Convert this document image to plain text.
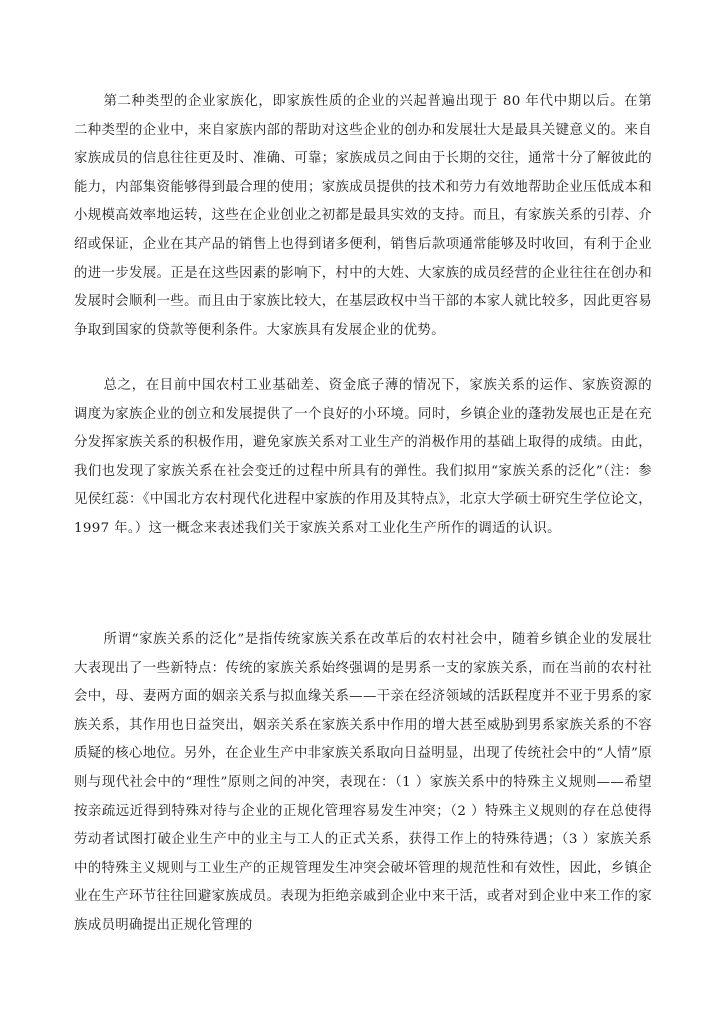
第二种类型的企业家族化，即家族性质的企业的兴起普遍出现于 80 年代中期以后。在第二种类型的企业中，来自家族内部的帮助对这些企业的创办和发展壮大是最具关键意义的。来自家族成员的信息往往更及时、准确、可靠；家族成员之间由于长期的交往，通常十分了解彼此的能力，内部集资能够得到最合理的使用；家族成员提供的技术和劳力有效地帮助企业压低成本和小规模高效率地运转，这些在企业创业之初都是最具实效的支持。而且，有家族关系的引荐、介绍或保证，企业在其产品的销售上也得到诸多便利，销售后款项通常能够及时收回，有利于企业的进一步发展。正是在这些因素的影响下，村中的大姓、大家族的成员经营的企业往往在创办和发展时会顺利一些。而且由于家族比较大，在基层政权中当干部的本家人就比较多，因此更容易争取到国家的贷款等便利条件。大家族具有发展企业的优势。

总之，在目前中国农村工业基础差、资金底子薄的情况下，家族关系的运作、家族资源的调度为家族企业的创立和发展提供了一个良好的小环境。同时，乡镇企业的蓬勃发展也正是在充分发挥家族关系的积极作用，避免家族关系对工业生产的消极作用的基础上取得的成绩。由此，我们也发现了家族关系在社会变迁的过程中所具有的弹性。我们拟用“家族关系的泛化”（注：参见侯红蕊：《中国北方农村现代化进程中家族的作用及其特点》，北京大学硕士研究生学位论文，1997 年。）这一概念来表述我们关于家族关系对工业化生产所作的调适的认识。

所谓“家族关系的泛化”是指传统家族关系在改革后的农村社会中，随着乡镇企业的发展壮大表现出了一些新特点：传统的家族关系始终强调的是男系一支的家族关系，而在当前的农村社会中，母、妻两方面的姻亲关系与拟血缘关系——干亲在经济领域的活跃程度并不亚于男系的家族关系，其作用也日益突出，姻亲关系在家族关系中作用的增大甚至威胁到男系家族关系的不容质疑的核心地位。另外，在企业生产中非家族关系取向日益明显，出现了传统社会中的“人情”原则与现代社会中的“理性”原则之间的冲突，表现在：（1 ）家族关系中的特殊主义规则——希望按亲疏远近得到特殊对待与企业的正规化管理容易发生冲突；（2 ）特殊主义规则的存在总使得劳动者试图打破企业生产中的业主与工人的正式关系，获得工作上的特殊待遇；（3 ）家族关系中的特殊主义规则与工业生产的正规管理发生冲突会破坏管理的规范性和有效性，因此，乡镇企业在生产环节往往回避家族成员。表现为拒绝亲戚到企业中来干活，或者对到企业中来工作的家族成员明确提出正规化管理的
